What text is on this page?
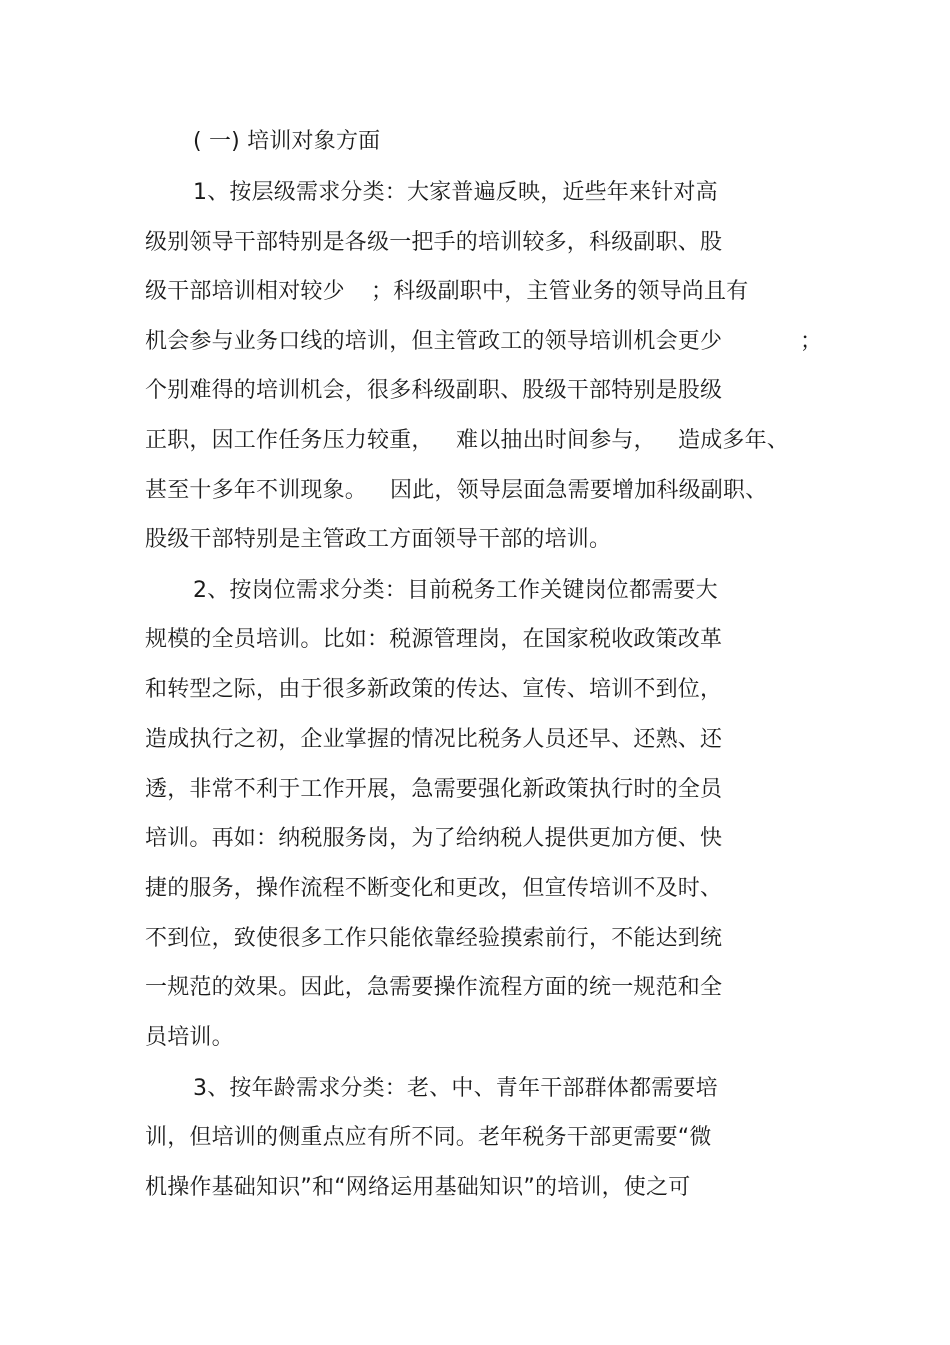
( 一) 培训对象方面
1、按层级需求分类：大家普遍反映，近些年来针对高
级别领导干部特别是各级一把手的培训较多，科级副职、股
级干部培训相对较少 ；科级副职中，主管业务的领导尚且有
机会参与业务口线的培训，但主管政工的领导培训机会更少	；
个别难得的培训机会，很多科级副职、股级干部特别是股级
正职，因工作任务压力较重， 难以抽出时间参与， 造成多年、
甚至十多年不训现象。 因此，领导层面急需要增加科级副职、
股级干部特别是主管政工方面领导干部的培训。
2、按岗位需求分类：目前税务工作关键岗位都需要大
规模的全员培训。比如：税源管理岗，在国家税收政策改革
和转型之际，由于很多新政策的传达、宣传、培训不到位，
造成执行之初，企业掌握的情况比税务人员还早、还熟、还
透，非常不利于工作开展，急需要强化新政策执行时的全员
培训。再如：纳税服务岗，为了给纳税人提供更加方便、快
捷的服务，操作流程不断变化和更改，但宣传培训不及时、
不到位，致使很多工作只能依靠经验摸索前行，不能达到统
一规范的效果。因此，急需要操作流程方面的统一规范和全
员培训。
3、按年龄需求分类：老、中、青年干部群体都需要培
训，但培训的侧重点应有所不同。老年税务干部更需要“微
机操作基础知识”和“网络运用基础知识”的培训，使之可
